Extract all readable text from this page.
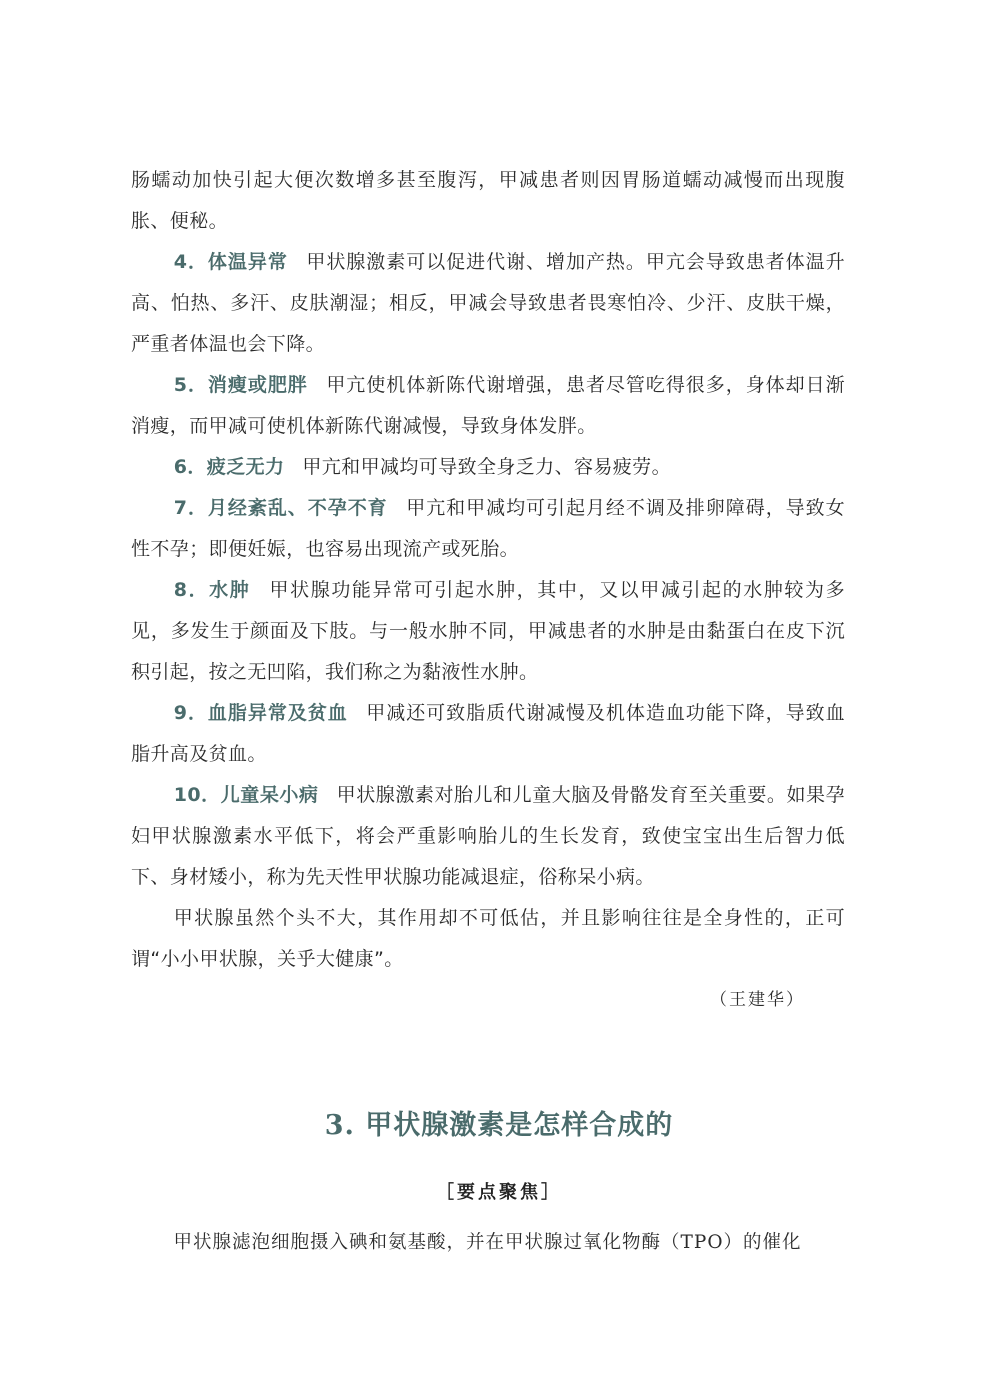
肠蠕动加快引起大便次数增多甚至腹泻，甲减患者则因胃肠道蠕动减慢而出现腹胀、便秘。

4．体温异常 甲状腺激素可以促进代谢、增加产热。甲亢会导致患者体温升高、怕热、多汗、皮肤潮湿；相反，甲减会导致患者畏寒怕冷、少汗、皮肤干燥，严重者体温也会下降。

5．消瘦或肥胖 甲亢使机体新陈代谢增强，患者尽管吃得很多，身体却日渐消瘦，而甲减可使机体新陈代谢减慢，导致身体发胖。

6．疲乏无力 甲亢和甲减均可导致全身乏力、容易疲劳。

7．月经紊乱、不孕不育 甲亢和甲减均可引起月经不调及排卵障碍，导致女性不孕；即便妊娠，也容易出现流产或死胎。

8．水肿 甲状腺功能异常可引起水肿，其中，又以甲减引起的水肿较为多见，多发生于颜面及下肢。与一般水肿不同，甲减患者的水肿是由黏蛋白在皮下沉积引起，按之无凹陷，我们称之为黏液性水肿。

9．血脂异常及贫血 甲减还可致脂质代谢减慢及机体造血功能下降，导致血脂升高及贫血。

10．儿童呆小病 甲状腺激素对胎儿和儿童大脑及骨骼发育至关重要。如果孕妇甲状腺激素水平低下，将会严重影响胎儿的生长发育，致使宝宝出生后智力低下、身材矮小，称为先天性甲状腺功能减退症，俗称呆小病。

甲状腺虽然个头不大，其作用却不可低估，并且影响往往是全身性的，正可谓“小小甲状腺，关乎大健康”。

（王建华）

3. 甲状腺激素是怎样合成的

［要点聚焦］

甲状腺滤泡细胞摄入碘和氨基酸，并在甲状腺过氧化物酶（TPO）的催化
